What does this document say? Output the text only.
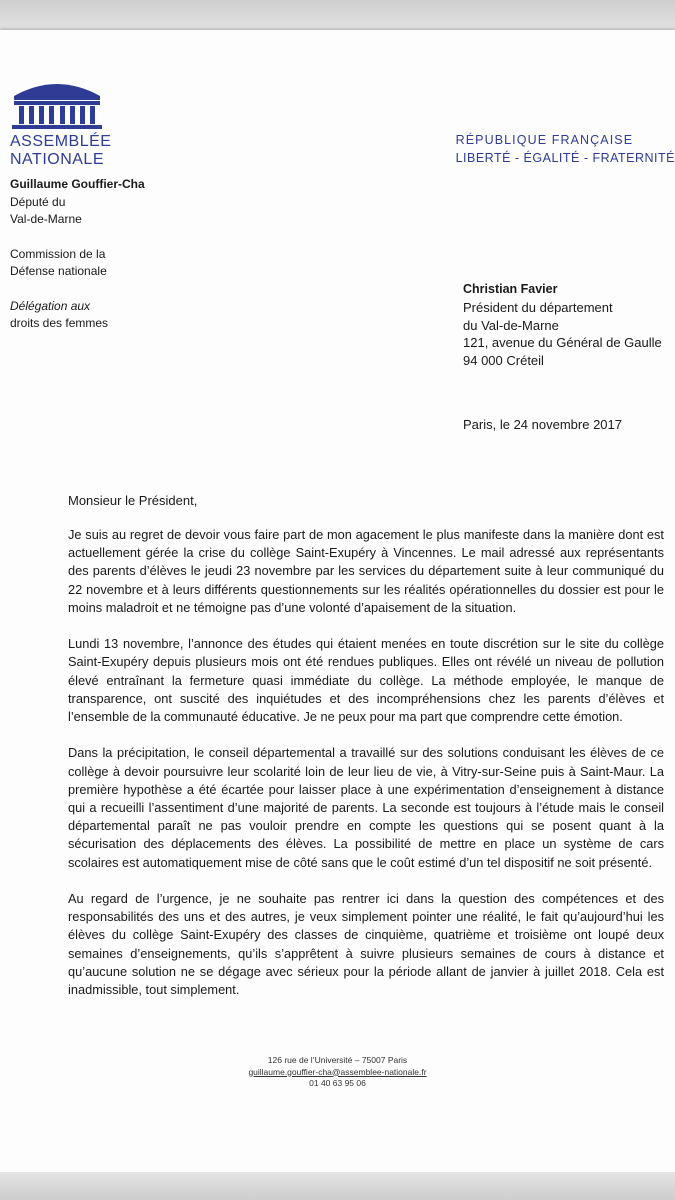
ASSEMBLÉE
NATIONALE
RÉPUBLIQUE FRANÇAISE
LIBERTÉ - ÉGALITÉ - FRATERNITÉ
Guillaume Gouffier-Cha
Député du
Val-de-Marne
Commission de la
Défense nationale
Délégation aux
droits des femmes
Christian Favier
Président du département
du Val-de-Marne
121, avenue du Général de Gaulle
94 000 Créteil
Paris, le 24 novembre 2017
Monsieur le Président,

Je suis au regret de devoir vous faire part de mon agacement le plus manifeste dans la manière dont est actuellement gérée la crise du collège Saint-Exupéry à Vincennes. Le mail adressé aux représentants des parents d’élèves le jeudi 23 novembre par les services du département suite à leur communiqué du 22 novembre et à leurs différents questionnements sur les réalités opérationnelles du dossier est pour le moins maladroit et ne témoigne pas d’une volonté d’apaisement de la situation.

Lundi 13 novembre, l’annonce des études qui étaient menées en toute discrétion sur le site du collège Saint-Exupéry depuis plusieurs mois ont été rendues publiques. Elles ont révélé un niveau de pollution élevé entraînant la fermeture quasi immédiate du collège. La méthode employée, le manque de transparence, ont suscité des inquiétudes et des incompréhensions chez les parents d’élèves et l’ensemble de la communauté éducative. Je ne peux pour ma part que comprendre cette émotion.

Dans la précipitation, le conseil départemental a travaillé sur des solutions conduisant les élèves de ce collège à devoir poursuivre leur scolarité loin de leur lieu de vie, à Vitry-sur-Seine puis à Saint-Maur. La première hypothèse a été écartée pour laisser place à une expérimentation d’enseignement à distance qui a recueilli l’assentiment d’une majorité de parents. La seconde est toujours à l’étude mais le conseil départemental paraît ne pas vouloir prendre en compte les questions qui se posent quant à la sécurisation des déplacements des élèves. La possibilité de mettre en place un système de cars scolaires est automatiquement mise de côté sans que le coût estimé d’un tel dispositif ne soit présenté.

Au regard de l’urgence, je ne souhaite pas rentrer ici dans la question des compétences et des responsabilités des uns et des autres, je veux simplement pointer une réalité, le fait qu’aujourd’hui les élèves du collège Saint-Exupéry des classes de cinquième, quatrième et troisième ont loupé deux semaines d’enseignements, qu’ils s’apprêtent à suivre plusieurs semaines de cours à distance et qu’aucune solution ne se dégage avec sérieux pour la période allant de janvier à juillet 2018. Cela est inadmissible, tout simplement.

126 rue de l’Université – 75007 Paris
guillaume.gouffier-cha@assemblee-nationale.fr
01 40 63 95 06
